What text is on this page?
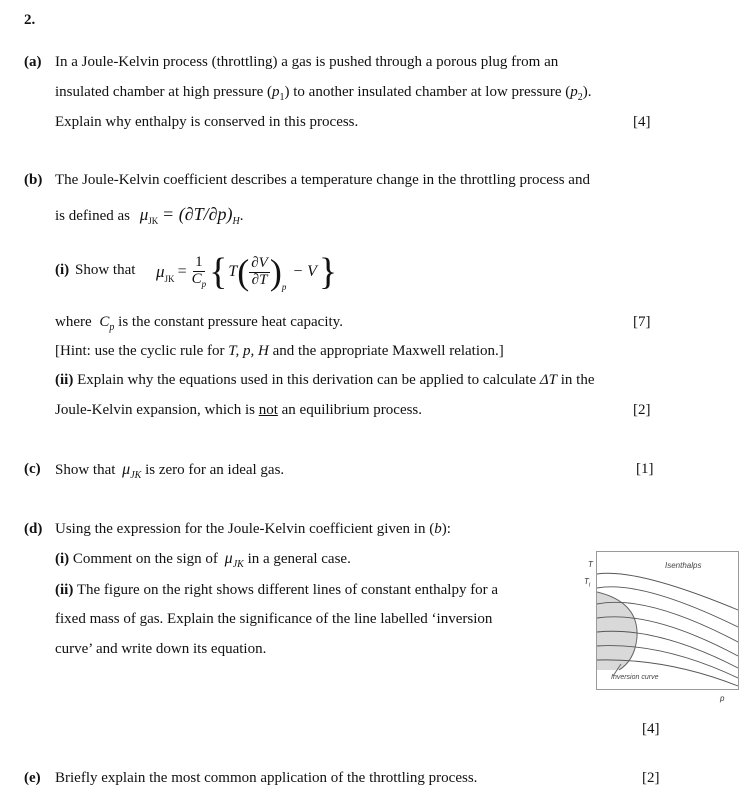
2.
(a) In a Joule-Kelvin process (throttling) a gas is pushed through a porous plug from an
insulated chamber at high pressure $(p_1)$ to another insulated chamber at low pressure $(p_2)$.
Explain why enthalpy is conserved in this process.	[4]
(b) The Joule-Kelvin coefficient describes a temperature change in the throttling process and
is defined as $\mu_{JK} = (\partial T/\partial p)_H$.
(i) Show that $\mu_{JK} = \frac{1}{C_p}$ { T ( $\frac{\partial V}{\partial T} )_p$
− V }
where $C_p$ is the constant pressure heat capacity.	[7]
[Hint: use the cyclic rule for T, p, H and the appropriate Maxwell relation.]
(ii) Explain why the equations used in this derivation can be applied to calculate ΔT in the
Joule-Kelvin expansion, which is not an equilibrium process.	[2]
(c) Show that $\mu_{JK}$ is zero for an ideal gas.	[1]
(d) Using the expression for the Joule-Kelvin coefficient given in (b):
(i) Comment on the sign of $\mu_{JK}$ in a general case.
(ii) The figure on the right shows different lines of constant enthalpy for a
fixed mass of gas. Explain the significance of the line labelled ‘inversion
curve’ and write down its equation.
Isenthalps
Inversion curve
T
$T_i$
p
[4]
(e) Briefly explain the most common application of the throttling process.	[2]
